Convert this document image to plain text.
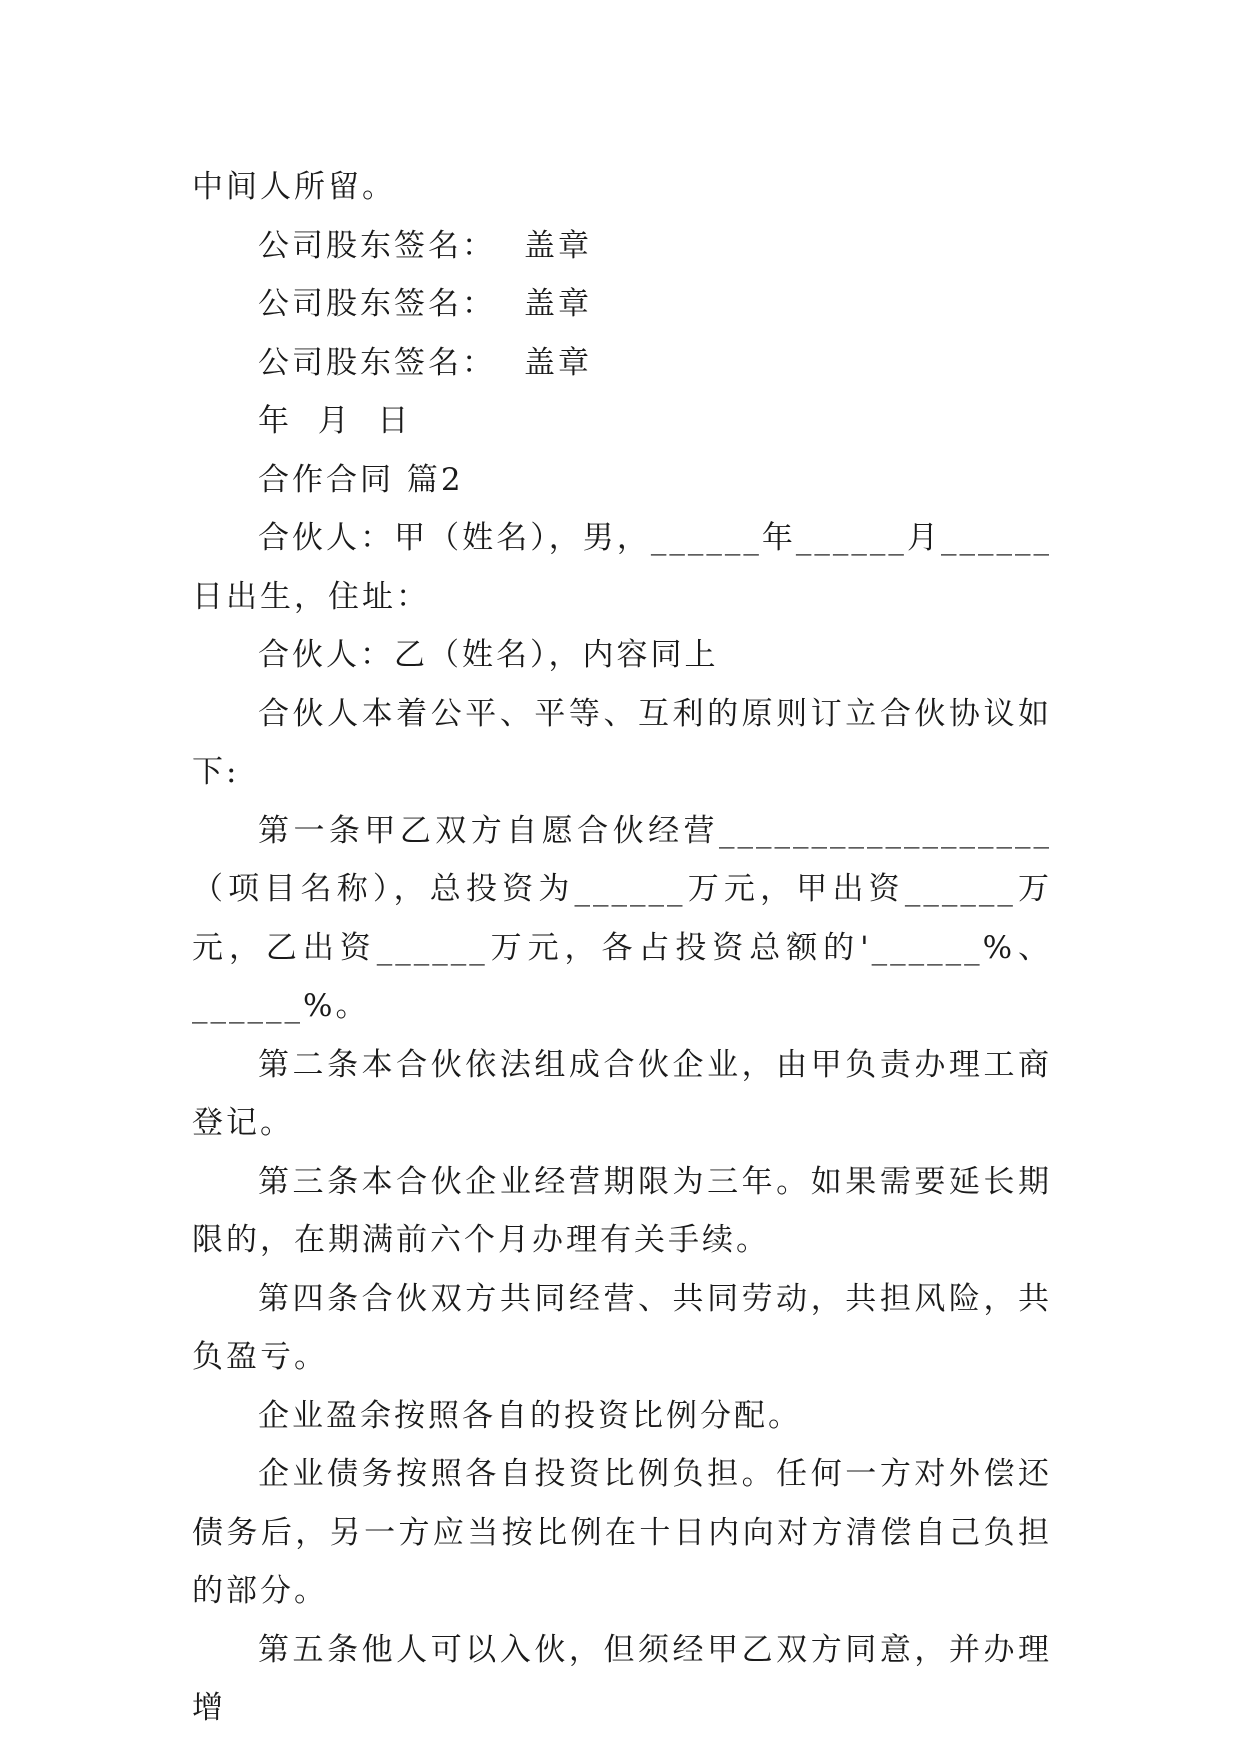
中间人所留。

公司股东签名： 盖章

公司股东签名： 盖章

公司股东签名： 盖章

年  月  日

合作合同 篇2

合伙人：甲（姓名），男，______年______月______日出生，住址：

合伙人：乙（姓名），内容同上

合伙人本着公平、平等、互利的原则订立合伙协议如下:

第一条甲乙双方自愿合伙经营__________________（项目名称），总投资为______万元，甲出资______万元，乙出资______万元，各占投资总额的'______%、______%。

第二条本合伙依法组成合伙企业，由甲负责办理工商登记。

第三条本合伙企业经营期限为三年。如果需要延长期限的，在期满前六个月办理有关手续。

第四条合伙双方共同经营、共同劳动，共担风险，共负盈亏。

企业盈余按照各自的投资比例分配。

企业债务按照各自投资比例负担。任何一方对外偿还债务后，另一方应当按比例在十日内向对方清偿自己负担的部分。

第五条他人可以入伙，但须经甲乙双方同意，并办理增
